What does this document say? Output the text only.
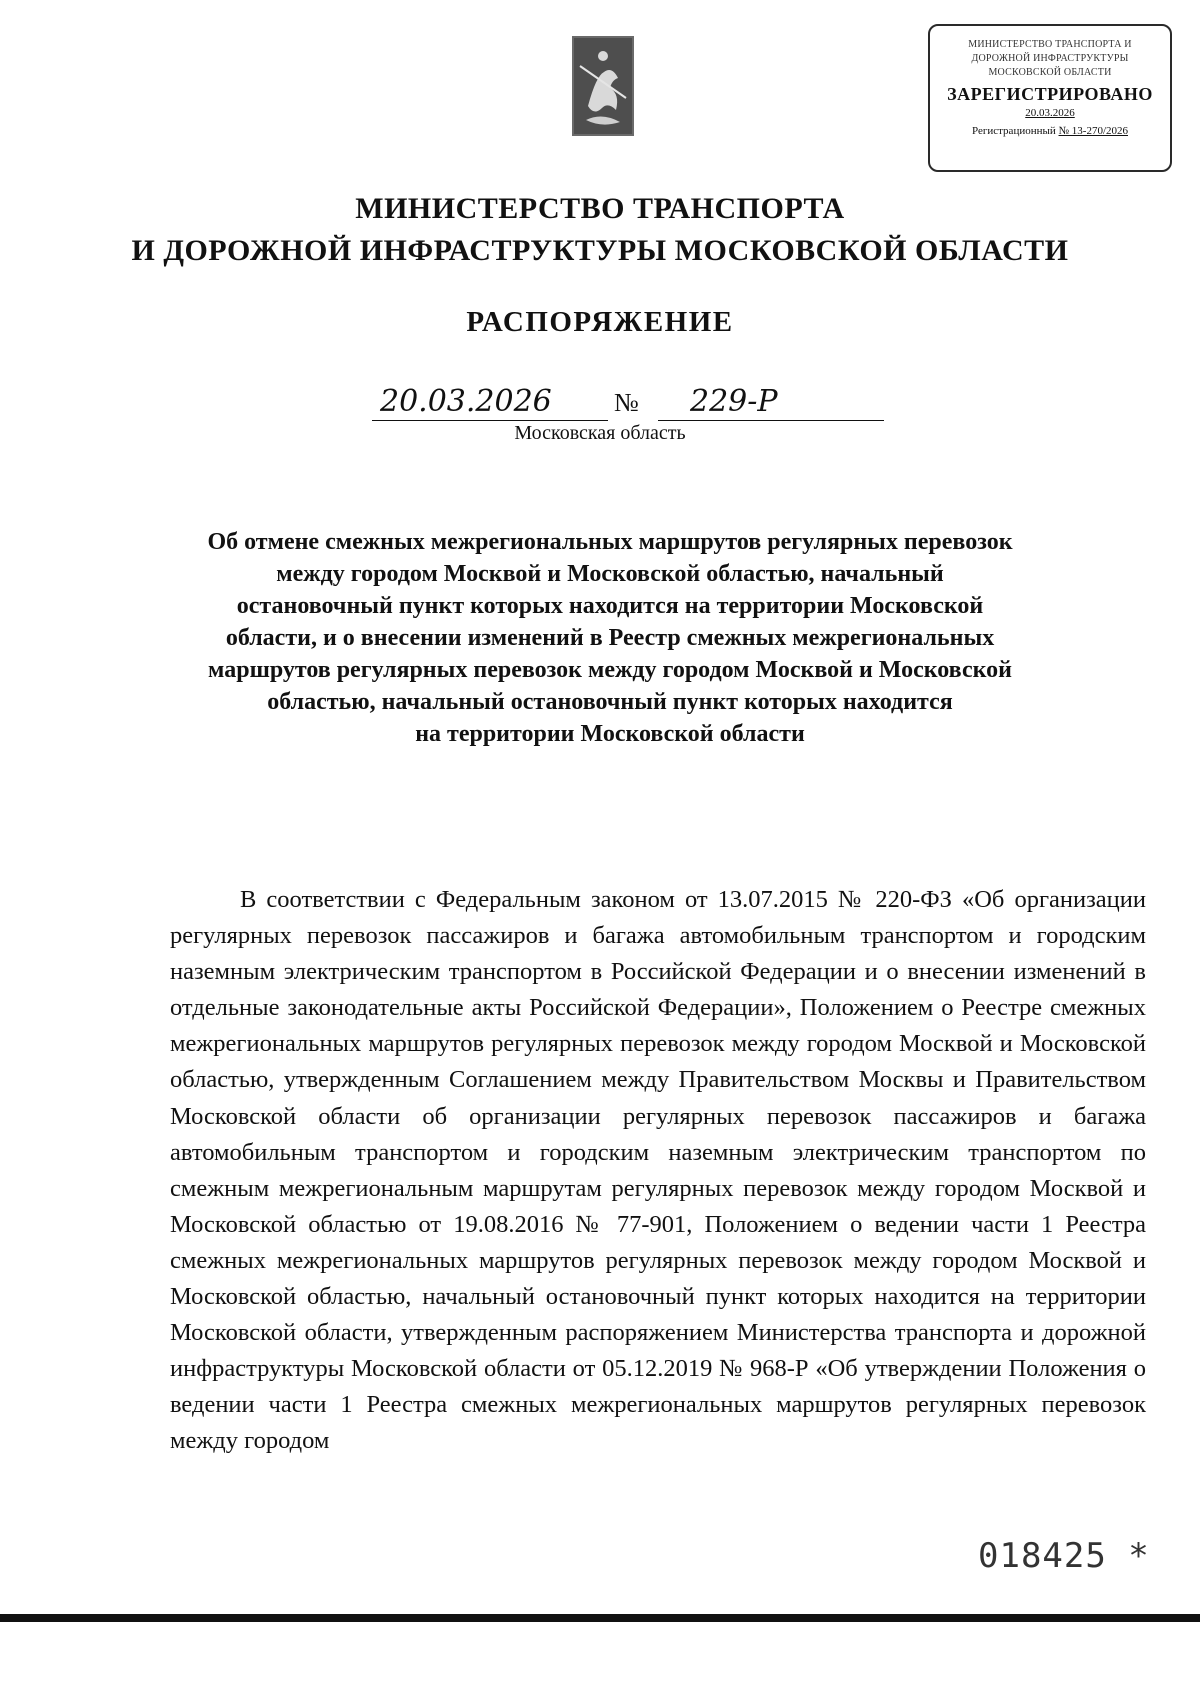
МИНИСТЕРСТВО ТРАНСПОРТА И
ДОРОЖНОЙ ИНФРАСТРУКТУРЫ
МОСКОВСКОЙ ОБЛАСТИ
ЗАРЕГИСТРИРОВАНО
20.03.2026
Регистрационный № 13-270/2026
МИНИСТЕРСТВО ТРАНСПОРТА
И ДОРОЖНОЙ ИНФРАСТРУКТУРЫ МОСКОВСКОЙ ОБЛАСТИ
РАСПОРЯЖЕНИЕ
20.03.2026 № 229-Р
Московская область
Об отмене смежных межрегиональных маршрутов регулярных перевозок
между городом Москвой и Московской областью, начальный
остановочный пункт которых находится на территории Московской
области, и о внесении изменений в Реестр смежных межрегиональных
маршрутов регулярных перевозок между городом Москвой и Московской
областью, начальный остановочный пункт которых находится
на территории Московской области
В соответствии с Федеральным законом от 13.07.2015 № 220-ФЗ «Об организации регулярных перевозок пассажиров и багажа автомобильным транспортом и городским наземным электрическим транспортом в Российской Федерации и о внесении изменений в отдельные законодательные акты Российской Федерации», Положением о Реестре смежных межрегиональных маршрутов регулярных перевозок между городом Москвой и Московской областью, утвержденным Соглашением между Правительством Москвы и Правительством Московской области об организации регулярных перевозок пассажиров и багажа автомобильным транспортом и городским наземным электрическим транспортом по смежным межрегиональным маршрутам регулярных перевозок между городом Москвой и Московской областью от 19.08.2016 № 77-901, Положением о ведении части 1 Реестра смежных межрегиональных маршрутов регулярных перевозок между городом Москвой и Московской областью, начальный остановочный пункт которых находится на территории Московской области, утвержденным распоряжением Министерства транспорта и дорожной инфраструктуры Московской области от 05.12.2019 № 968-Р «Об утверждении Положения о ведении части 1 Реестра смежных межрегиональных маршрутов регулярных перевозок между городом
018425 *
